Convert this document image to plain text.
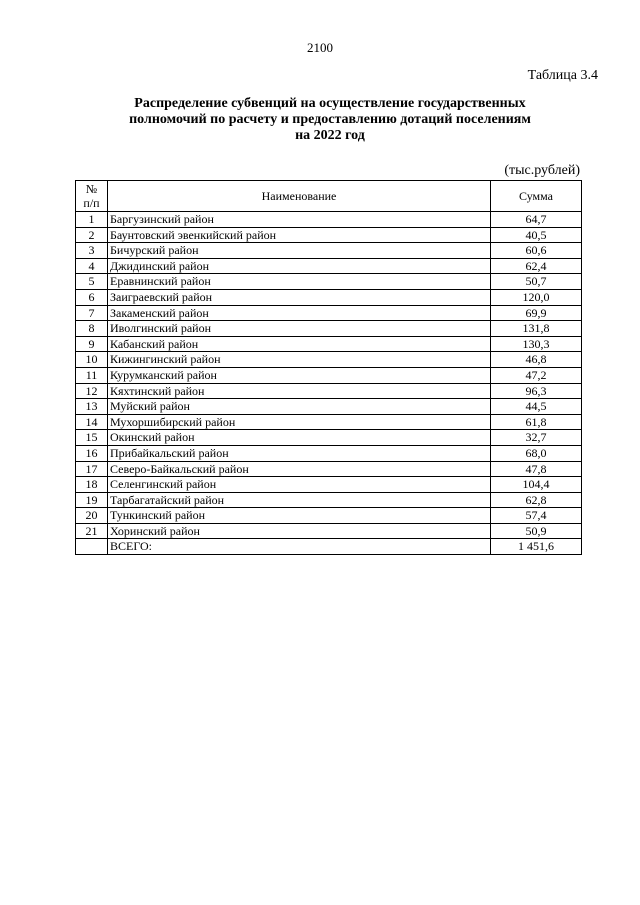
2100
Таблица 3.4
Распределение субвенций на осуществление государственных
полномочий по расчету и предоставлению дотаций поселениям
на 2022 год
(тыс.рублей)
№
п/п	Наименование	Сумма
1	Баргузинский район	64,7
2	Баунтовский эвенкийский район	40,5
3	Бичурский район	60,6
4	Джидинский район	62,4
5	Еравнинский район	50,7
6	Заиграевский район	120,0
7	Закаменский район	69,9
8	Иволгинский район	131,8
9	Кабанский район	130,3
10	Кижингинский район	46,8
11	Курумканский район	47,2
12	Кяхтинский район	96,3
13	Муйский район	44,5
14	Мухоршибирский район	61,8
15	Окинский район	32,7
16	Прибайкальский район	68,0
17	Северо-Байкальский район	47,8
18	Селенгинский район	104,4
19	Тарбагатайский район	62,8
20	Тункинский район	57,4
21	Хоринский район	50,9
	ВСЕГО:	1 451,6
